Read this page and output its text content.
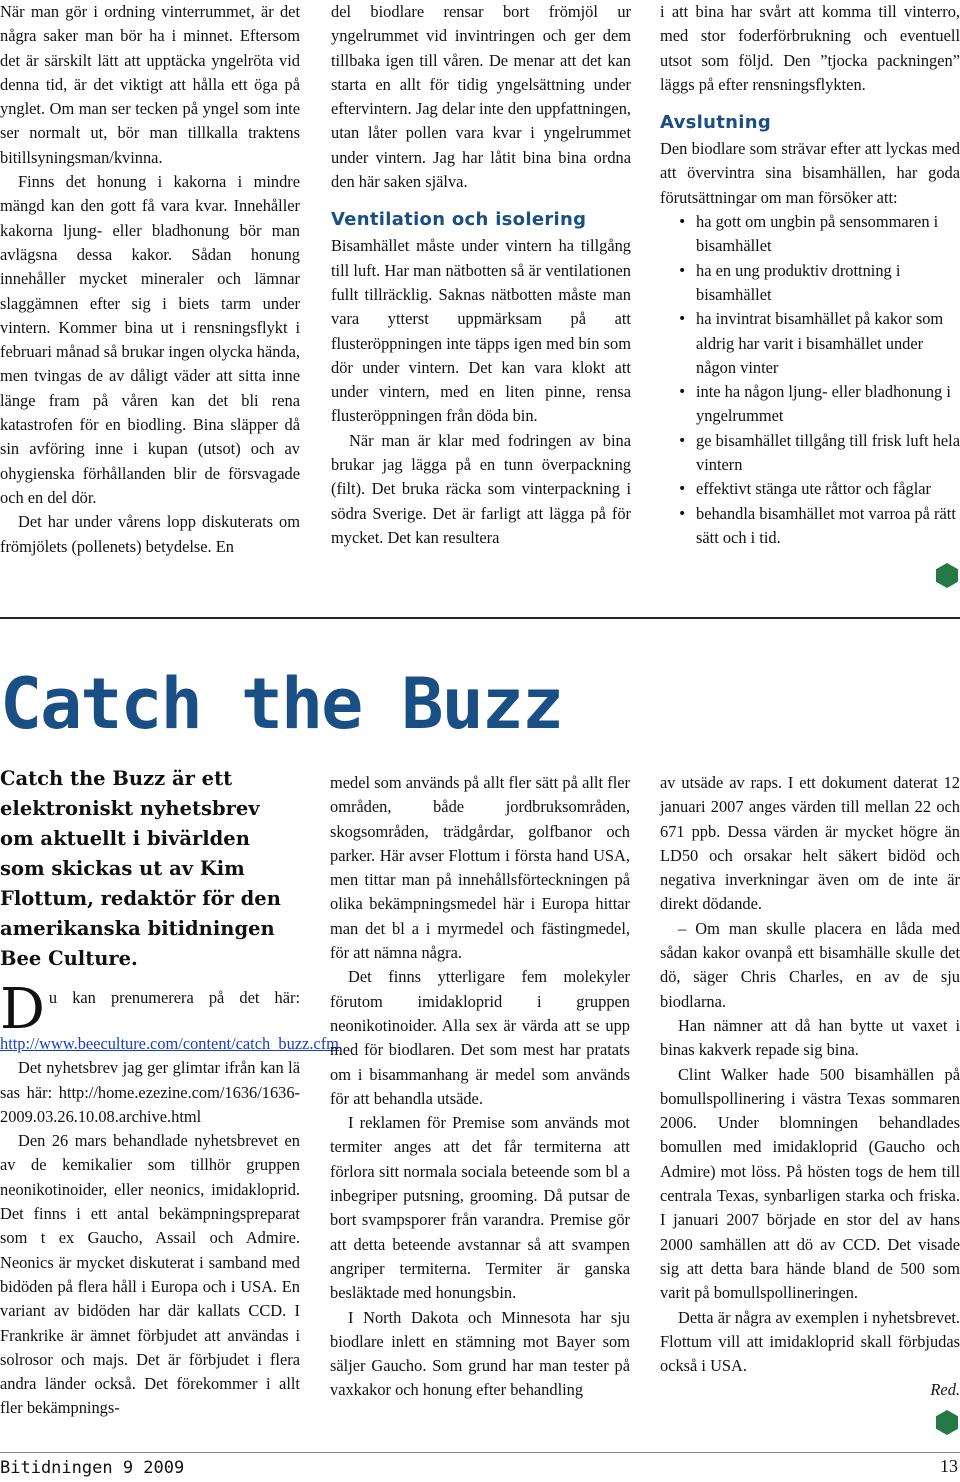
När man gör i ordning vinterrummet, är det några saker man bör ha i minnet. Eftersom det är särskilt lätt att upptäcka yngelröta vid denna tid, är det viktigt att hålla ett öga på ynglet. Om man ser tecken på yngel som inte ser normalt ut, bör man tillkalla traktens bitillsyningsman/kvinna.

Finns det honung i kakorna i mindre mängd kan den gott få vara kvar. Innehåller kakorna ljung- eller bladhonung bör man avlägsna dessa kakor. Sådan honung innehåller mycket mineraler och lämnar slaggämnen efter sig i biets tarm under vintern. Kommer bina ut i rensningsflykt i februari månad så brukar ingen olycka hända, men tvingas de av dåligt väder att sitta inne länge fram på våren kan det bli rena katastrofen för en biodling. Bina släpper då sin avföring inne i kupan (utsot) och av ohygienska förhållanden blir de försvagade och en del dör.

Det har under vårens lopp diskuterats om frömjölets (pollenets) betydelse. En

del biodlare rensar bort frömjöl ur yngelrummet vid invintringen och ger dem tillbaka igen till våren. De menar att det kan starta en allt för tidig yngelsättning under eftervintern. Jag delar inte den uppfattningen, utan låter pollen vara kvar i yngelrummet under vintern. Jag har låtit bina bina ordna den här saken själva.

Ventilation och isolering

Bisamhället måste under vintern ha tillgång till luft. Har man nätbotten så är ventilationen fullt tillräcklig. Saknas nätbotten måste man vara ytterst uppmärksam på att flusteröppningen inte täpps igen med bin som dör under vintern. Det kan vara klokt att under vintern, med en liten pinne, rensa flusteröppningen från döda bin.

När man är klar med fodringen av bina brukar jag lägga på en tunn överpackning (filt). Det bruka räcka som vinterpackning i södra Sverige. Det är farligt att lägga på för mycket. Det kan resultera

i att bina har svårt att komma till vinterro, med stor foderförbrukning och eventuell utsot som följd. Den ”tjocka packningen” läggs på efter rensningsflykten.

Avslutning

Den biodlare som strävar efter att lyckas med att övervintra sina bisamhällen, har goda förutsättningar om man försöker att:

• ha gott om ungbin på sensommaren i bisamhället
• ha en ung produktiv drottning i bisamhället
• ha invintrat bisamhället på kakor som aldrig har varit i bisamhället under någon vinter
• inte ha någon ljung- eller bladhonung i yngelrummet
• ge bisamhället tillgång till frisk luft hela vintern
• effektivt stänga ute råttor och fåglar
• behandla bisamhället mot varroa på rätt sätt och i tid.
Catch the Buzz

Catch the Buzz är ett elektroniskt nyhetsbrev om aktuellt i bivärlden som skickas ut av Kim Flottum, redaktör för den amerikanska bitidningen Bee Culture.

Du kan prenumerera på det här: http://www.beeculture.com/content/catch_buzz.cfm

Det nyhetsbrev jag ger glimtar ifrån kan läsas här: http://home.ezezine.com/1636/1636-2009.03.26.10.08.archive.html

Den 26 mars behandlade nyhetsbrevet en av de kemikalier som tillhör gruppen neonikotinoider, eller neonics, imidakloprid. Det finns i ett antal bekämpningspreparat som t ex Gaucho, Assail och Admire. Neonics är mycket diskuterat i samband med bidöden på flera håll i Europa och i USA. En variant av bidöden har där kallats CCD. I Frankrike är ämnet förbjudet att användas i solrosor och majs. Det är förbjudet i flera andra länder också. Det förekommer i allt fler bekämpnings-

medel som används på allt fler sätt på allt fler områden, både jordbruksområden, skogsområden, trädgårdar, golfbanor och parker. Här avser Flottum i första hand USA, men tittar man på innehållsförteckningen på olika bekämpningsmedel här i Europa hittar man det bl a i myrmedel och fästingmedel, för att nämna några.

Det finns ytterligare fem molekyler förutom imidakloprid i gruppen neonikotinoider. Alla sex är värda att se upp med för biodlaren. Det som mest har pratats om i bisammanhang är medel som används för att behandla utsäde.

I reklamen för Premise som används mot termiter anges att det får termiterna att förlora sitt normala sociala beteende som bl a inbegriper putsning, grooming. Då putsar de bort svampsporer från varandra. Premise gör att detta beteende avstannar så att svampen angriper termiterna. Termiter är ganska besläktade med honungsbin.

I North Dakota och Minnesota har sju biodlare inlett en stämning mot Bayer som säljer Gaucho. Som grund har man tester på vaxkakor och honung efter behandling

av utsäde av raps. I ett dokument daterat 12 januari 2007 anges värden till mellan 22 och 671 ppb. Dessa värden är mycket högre än LD50 och orsakar helt säkert bidöd och negativa inverkningar även om de inte är direkt dödande.

– Om man skulle placera en låda med sådan kakor ovanpå ett bisamhälle skulle det dö, säger Chris Charles, en av de sju biodlarna.

Han nämner att då han bytte ut vaxet i binas kakverk repade sig bina.

Clint Walker hade 500 bisamhällen på bomullspollinering i västra Texas sommaren 2006. Under blomningen behandlades bomullen med imidakloprid (Gaucho och Admire) mot löss. På hösten togs de hem till centrala Texas, synbarligen starka och friska. I januari 2007 började en stor del av hans 2000 samhällen att dö av CCD. Det visade sig att detta bara hände bland de 500 som varit på bomullspollineringen.

Detta är några av exemplen i nyhetsbrevet. Flottum vill att imidakloprid skall förbjudas också i USA.

Red.

Bitidningen 9 2009	13
